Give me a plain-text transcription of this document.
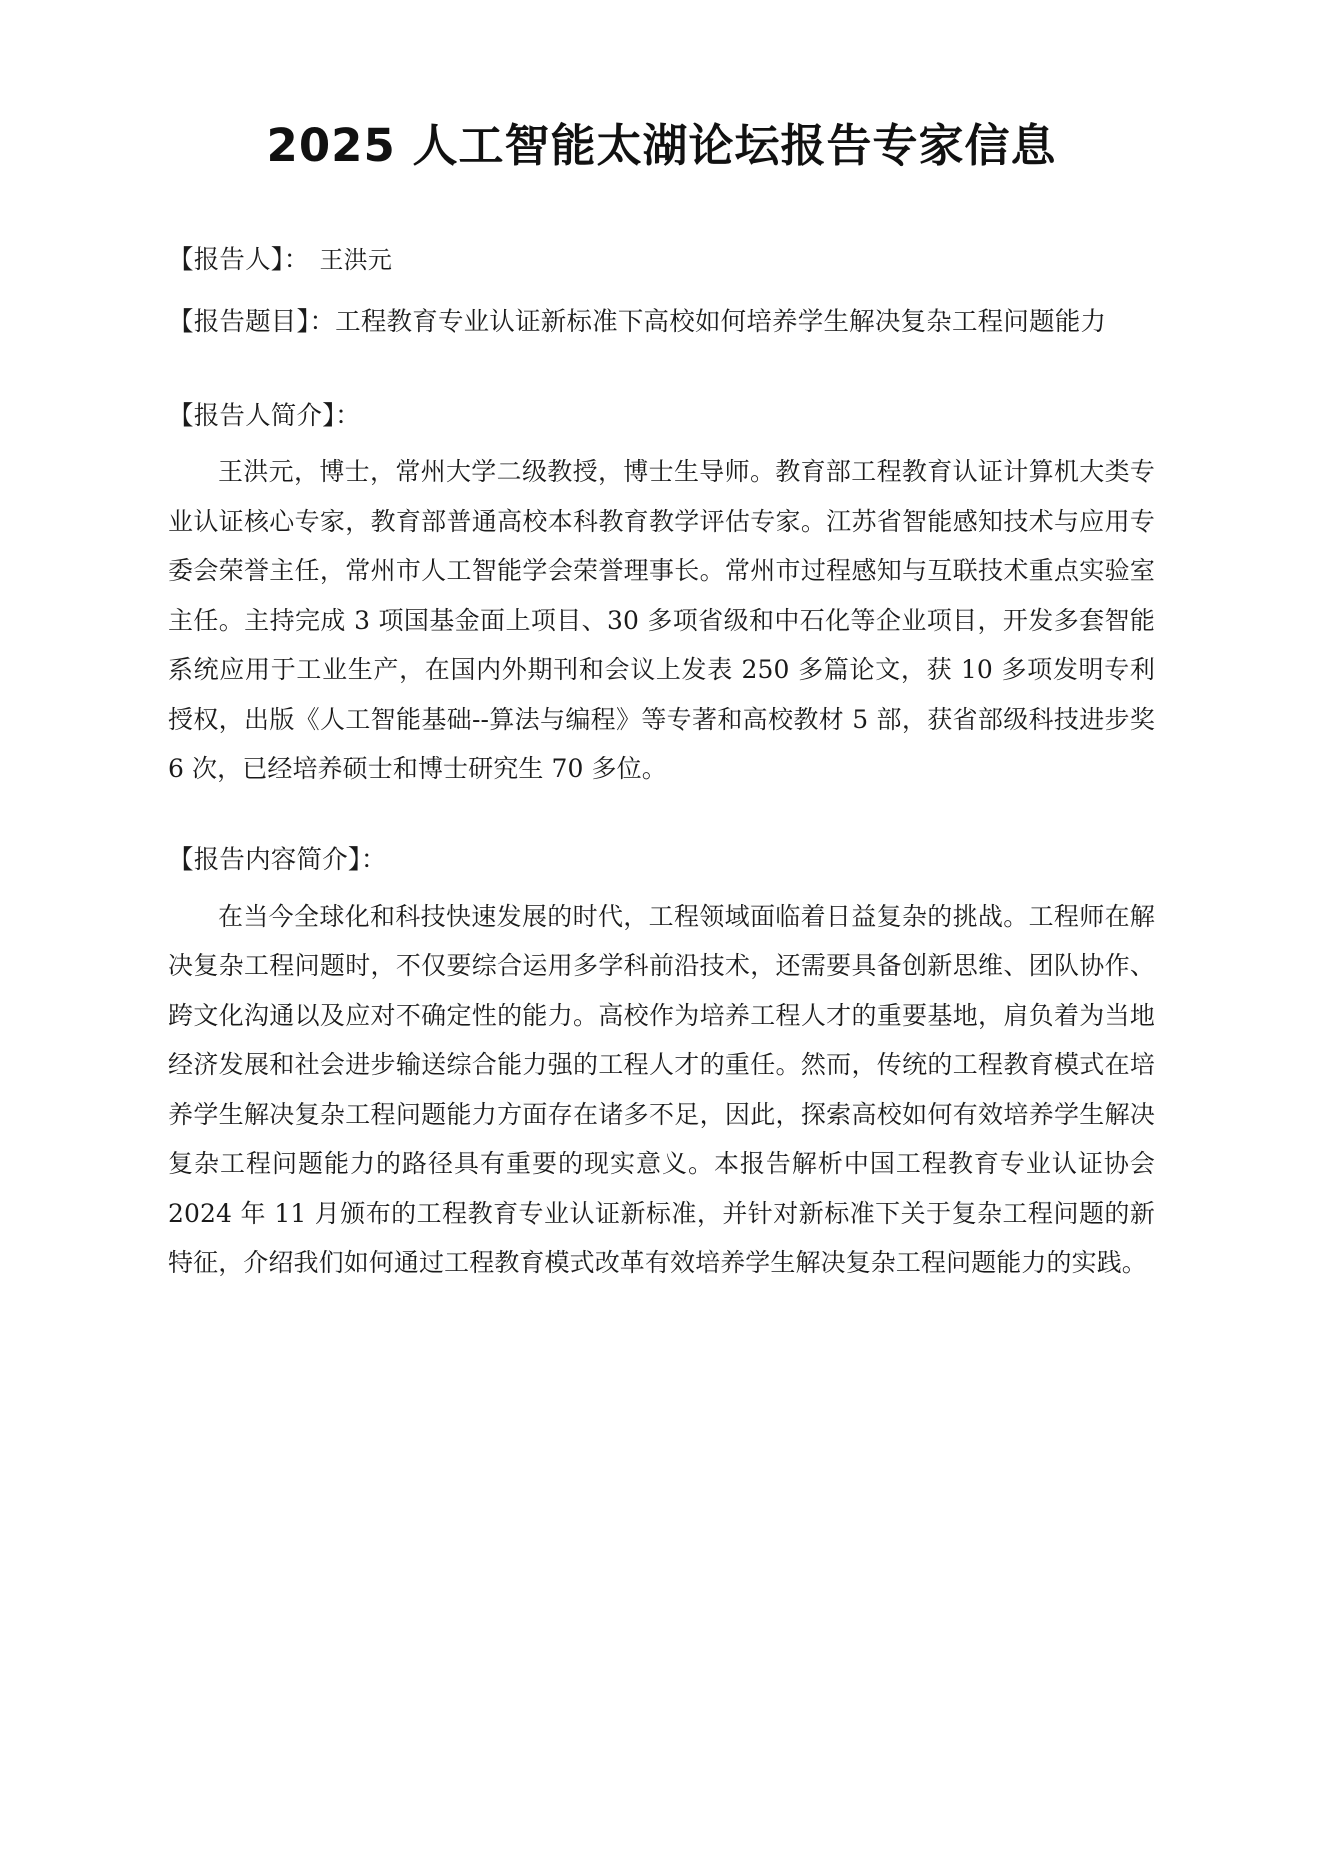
2025 人工智能太湖论坛报告专家信息

【报告人】： 王洪元

【报告题目】：工程教育专业认证新标准下高校如何培养学生解决复杂工程问题能力

【报告人简介】：

王洪元，博士，常州大学二级教授，博士生导师。教育部工程教育认证计算机大类专业认证核心专家，教育部普通高校本科教育教学评估专家。江苏省智能感知技术与应用专委会荣誉主任，常州市人工智能学会荣誉理事长。常州市过程感知与互联技术重点实验室主任。主持完成 3 项国基金面上项目、30 多项省级和中石化等企业项目，开发多套智能系统应用于工业生产，在国内外期刊和会议上发表 250 多篇论文，获 10 多项发明专利授权，出版《人工智能基础--算法与编程》等专著和高校教材 5 部，获省部级科技进步奖 6 次，已经培养硕士和博士研究生 70 多位。

【报告内容简介】：

在当今全球化和科技快速发展的时代，工程领域面临着日益复杂的挑战。工程师在解决复杂工程问题时，不仅要综合运用多学科前沿技术，还需要具备创新思维、团队协作、跨文化沟通以及应对不确定性的能力。高校作为培养工程人才的重要基地，肩负着为当地经济发展和社会进步输送综合能力强的工程人才的重任。然而，传统的工程教育模式在培养学生解决复杂工程问题能力方面存在诸多不足，因此，探索高校如何有效培养学生解决复杂工程问题能力的路径具有重要的现实意义。本报告解析中国工程教育专业认证协会 2024 年 11 月颁布的工程教育专业认证新标准，并针对新标准下关于复杂工程问题的新特征，介绍我们如何通过工程教育模式改革有效培养学生解决复杂工程问题能力的实践。
